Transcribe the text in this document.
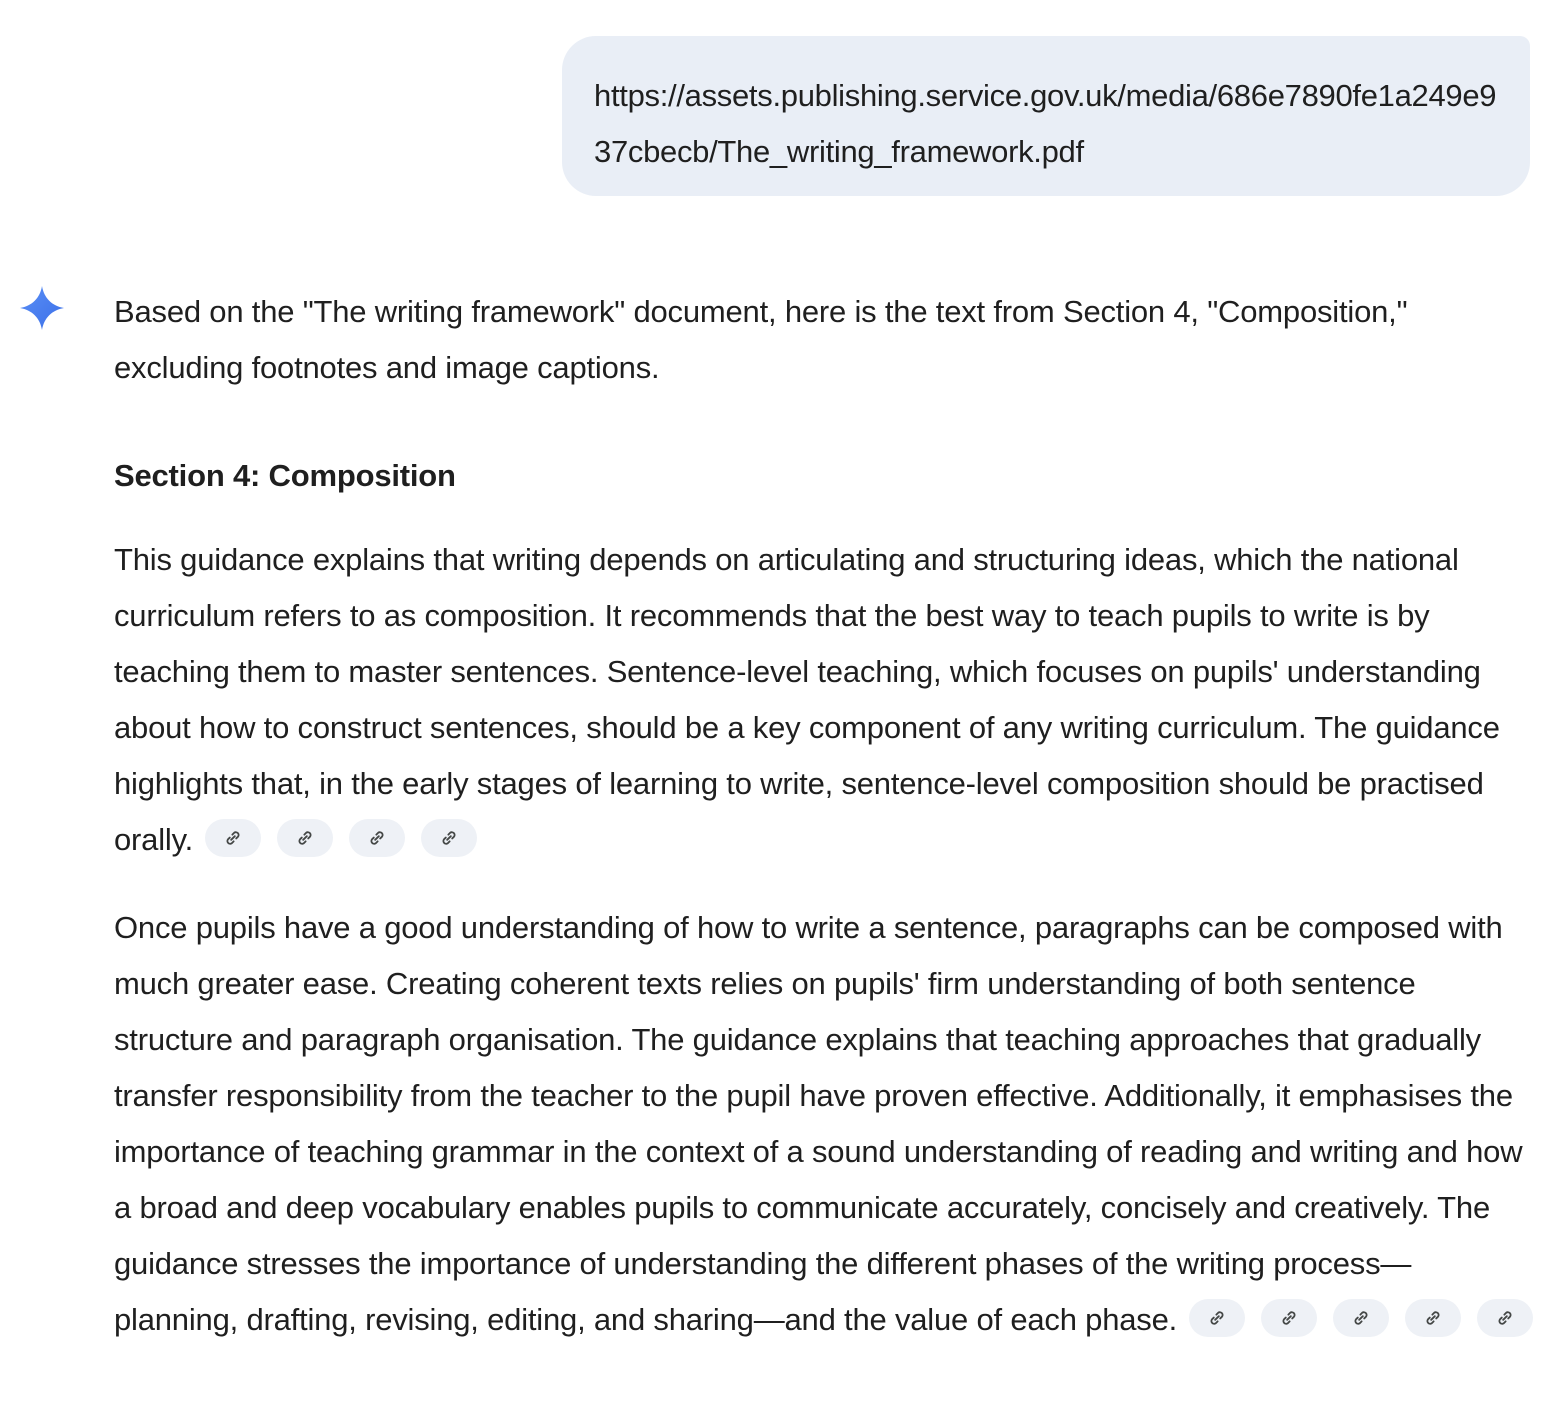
https://assets.publishing.service.gov.uk/media/686e7890fe1a249e937cbecb/The_writing_framework.pdf

Based on the "The writing framework" document, here is the text from Section 4, "Composition," excluding footnotes and image captions.

Section 4: Composition

This guidance explains that writing depends on articulating and structuring ideas, which the national curriculum refers to as composition. It recommends that the best way to teach pupils to write is by teaching them to master sentences. Sentence-level teaching, which focuses on pupils' understanding about how to construct sentences, should be a key component of any writing curriculum. The guidance highlights that, in the early stages of learning to write, sentence-level composition should be practised orally.

Once pupils have a good understanding of how to write a sentence, paragraphs can be composed with much greater ease. Creating coherent texts relies on pupils' firm understanding of both sentence structure and paragraph organisation. The guidance explains that teaching approaches that gradually transfer responsibility from the teacher to the pupil have proven effective. Additionally, it emphasises the importance of teaching grammar in the context of a sound understanding of reading and writing and how a broad and deep vocabulary enables pupils to communicate accurately, concisely and creatively. The guidance stresses the importance of understanding the different phases of the writing process—planning, drafting, revising, editing, and sharing—and the value of each phase.
